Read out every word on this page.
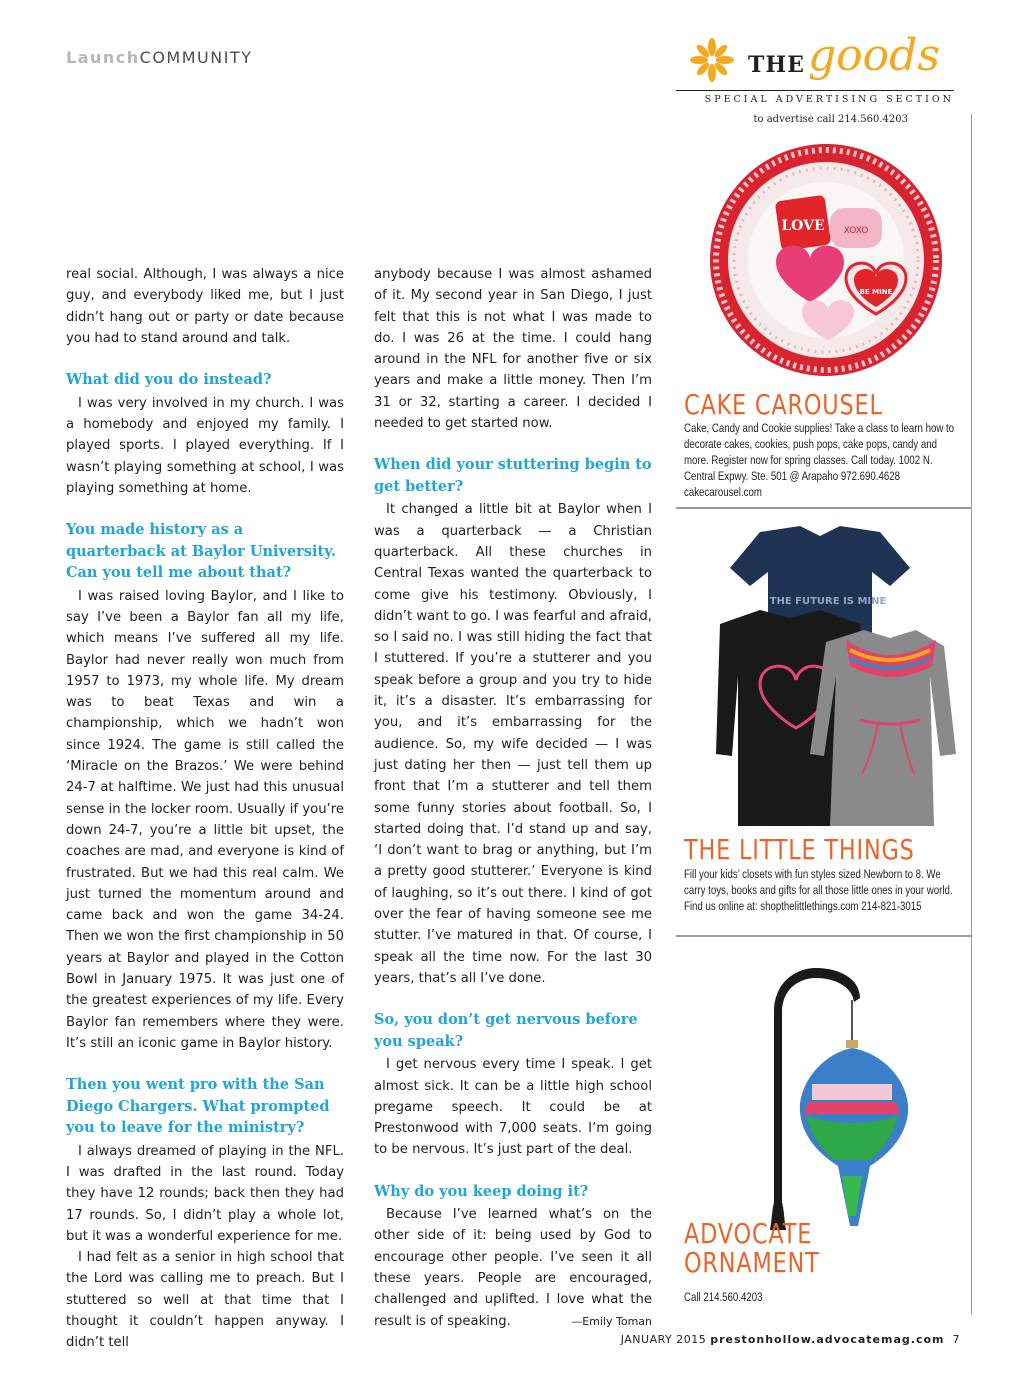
LaunchCOMMUNITY

real social. Although, I was always a nice guy, and everybody liked me, but I just didn’t hang out or party or date because you had to stand around and talk.

What did you do instead?

I was very involved in my church. I was a homebody and enjoyed my family. I played sports. I played everything. If I wasn’t playing something at school, I was playing something at home.

You made history as a quarterback at Baylor University. Can you tell me about that?

I was raised loving Baylor, and I like to say I’ve been a Baylor fan all my life, which means I’ve suffered all my life. Baylor had never really won much from 1957 to 1973, my whole life. My dream was to beat Texas and win a championship, which we hadn’t won since 1924. The game is still called the ‘Miracle on the Brazos.’ We were behind 24-7 at halftime. We just had this unusual sense in the locker room. Usually if you’re down 24-7, you’re a little bit upset, the coaches are mad, and everyone is kind of frustrated. But we had this real calm. We just turned the momentum around and came back and won the game 34-24. Then we won the first championship in 50 years at Baylor and played in the Cotton Bowl in January 1975. It was just one of the greatest experiences of my life. Every Baylor fan remembers where they were. It’s still an iconic game in Baylor history.

Then you went pro with the San Diego Chargers. What prompted you to leave for the ministry?

I always dreamed of playing in the NFL. I was drafted in the last round. Today they have 12 rounds; back then they had 17 rounds. So, I didn’t play a whole lot, but it was a wonderful experience for me.

I had felt as a senior in high school that the Lord was calling me to preach. But I stuttered so well at that time that I thought it couldn’t happen anyway. I didn’t tell

anybody because I was almost ashamed of it. My second year in San Diego, I just felt that this is not what I was made to do. I was 26 at the time. I could hang around in the NFL for another five or six years and make a little money. Then I’m 31 or 32, starting a career. I decided I needed to get started now.

When did your stuttering begin to get better?

It changed a little bit at Baylor when I was a quarterback — a Christian quarterback. All these churches in Central Texas wanted the quarterback to come give his testimony. Obviously, I didn’t want to go. I was fearful and afraid, so I said no. I was still hiding the fact that I stuttered. If you’re a stutterer and you speak before a group and you try to hide it, it’s a disaster. It’s embarrassing for you, and it’s embarrassing for the audience. So, my wife decided — I was just dating her then — just tell them up front that I’m a stutterer and tell them some funny stories about football. So, I started doing that. I’d stand up and say, ‘I don’t want to brag or anything, but I’m a pretty good stutterer.’ Everyone is kind of laughing, so it’s out there. I kind of got over the fear of having someone see me stutter. I’ve matured in that. Of course, I speak all the time now. For the last 30 years, that’s all I’ve done.

So, you don’t get nervous before you speak?

I get nervous every time I speak. I get almost sick. It can be a little high school pregame speech. It could be at Prestonwood with 7,000 seats. I’m going to be nervous. It’s just part of the deal.

Why do you keep doing it?

Because I’ve learned what’s on the other side of it: being used by God to encourage other people. I’ve seen it all these years. People are encouraged, challenged and uplifted. I love what the result is of speaking.	—Emily Toman

THE goods
SPECIAL ADVERTISING SECTION
to advertise call 214.560.4203
LOVE XOXO
BE MINE
CAKE CAROUSEL
Cake, Candy and Cookie supplies! Take a class to learn how to decorate cakes, cookies, push pops, cake pops, candy and more. Register now for spring classes. Call today. 1002 N. Central Expwy. Ste. 501 @ Arapaho 972.690.4628 cakecarousel.com
THE FUTURE IS MINE
THE LITTLE THINGS
Fill your kids’ closets with fun styles sized Newborn to 8. We carry toys, books and gifts for all those little ones in your world. Find us online at: shopthelittlethings.com 214-821-3015
ADVOCATE
ORNAMENT
Call 214.560.4203
JANUARY 2015 prestonhollow.advocatemag.com 7
